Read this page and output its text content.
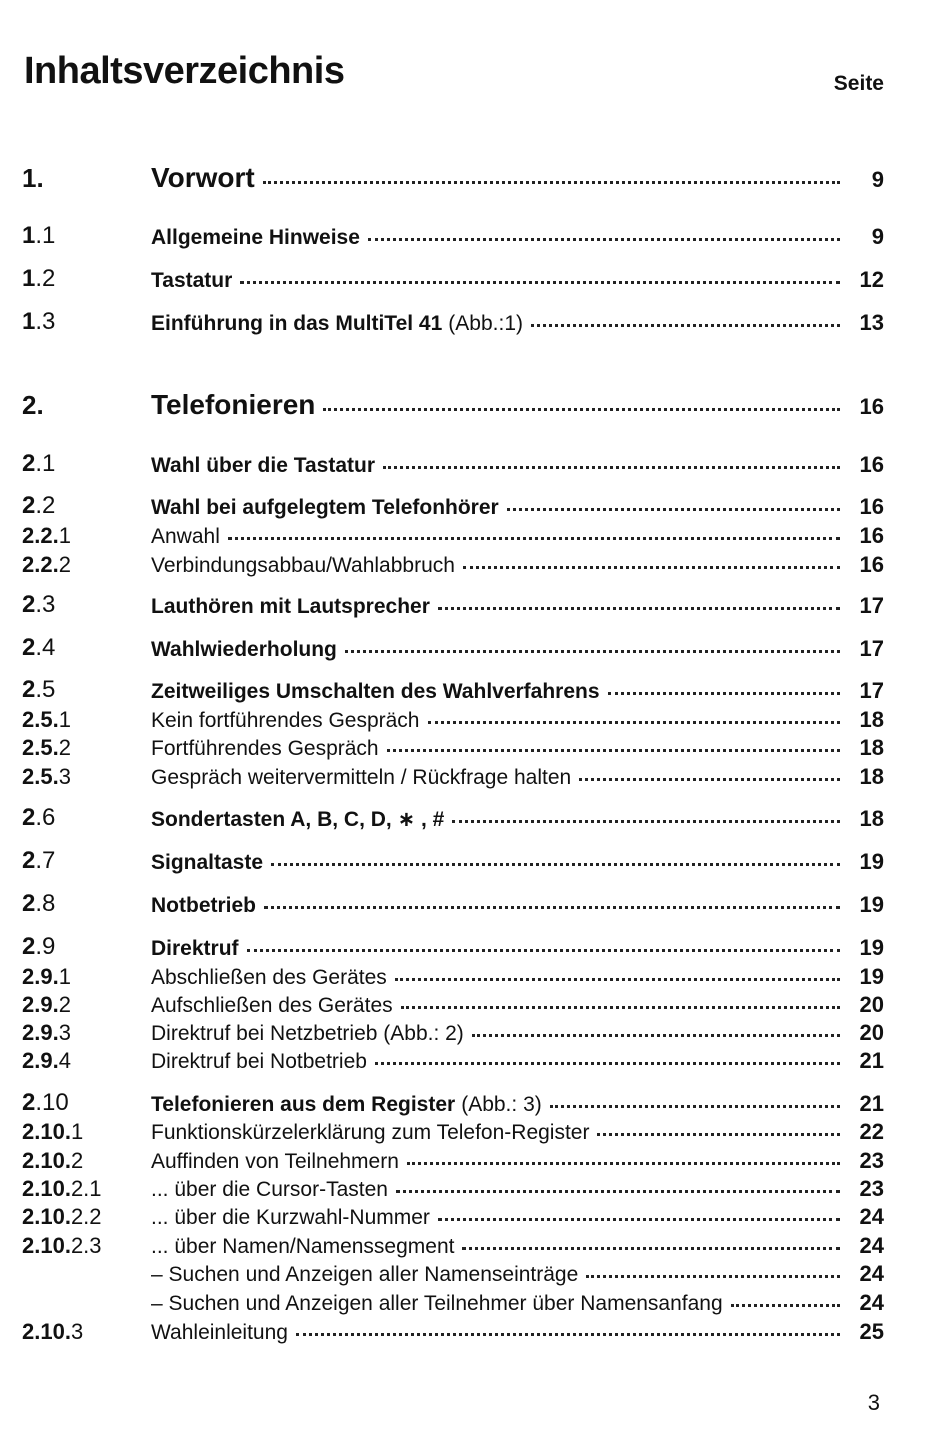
Inhaltsverzeichnis	Seite
1.	Vorwort	9
1.1	Allgemeine Hinweise	9
1.2	Tastatur	12
1.3	Einführung in das MultiTel 41 (Abb.:1)	13
2.	Telefonieren	16
2.1	Wahl über die Tastatur	16
2.2	Wahl bei aufgelegtem Telefonhörer	16
2.2.1	Anwahl	16
2.2.2	Verbindungsabbau/Wahlabbruch	16
2.3	Lauthören mit Lautsprecher	17
2.4	Wahlwiederholung	17
2.5	Zeitweiliges Umschalten des Wahlverfahrens	17
2.5.1	Kein fortführendes Gespräch	18
2.5.2	Fortführendes Gespräch	18
2.5.3	Gespräch weitervermitteln / Rückfrage halten	18
2.6	Sondertasten A, B, C, D, ∗ , #	18
2.7	Signaltaste	19
2.8	Notbetrieb	19
2.9	Direktruf	19
2.9.1	Abschließen des Gerätes	19
2.9.2	Aufschließen des Gerätes	20
2.9.3	Direktruf bei Netzbetrieb (Abb.: 2)	20
2.9.4	Direktruf bei Notbetrieb	21
2.10	Telefonieren aus dem Register (Abb.: 3)	21
2.10.1	Funktionskürzelerklärung zum Telefon-Register	22
2.10.2	Auffinden von Teilnehmern	23
2.10.2.1 ... über die Cursor-Tasten	23
2.10.2.2 ... über die Kurzwahl-Nummer	24
2.10.2.3 ... über Namen/Namenssegment	24
– Suchen und Anzeigen aller Namenseinträge	24
– Suchen und Anzeigen aller Teilnehmer über Namensanfang	24
2.10.3	Wahleinleitung	25
3
